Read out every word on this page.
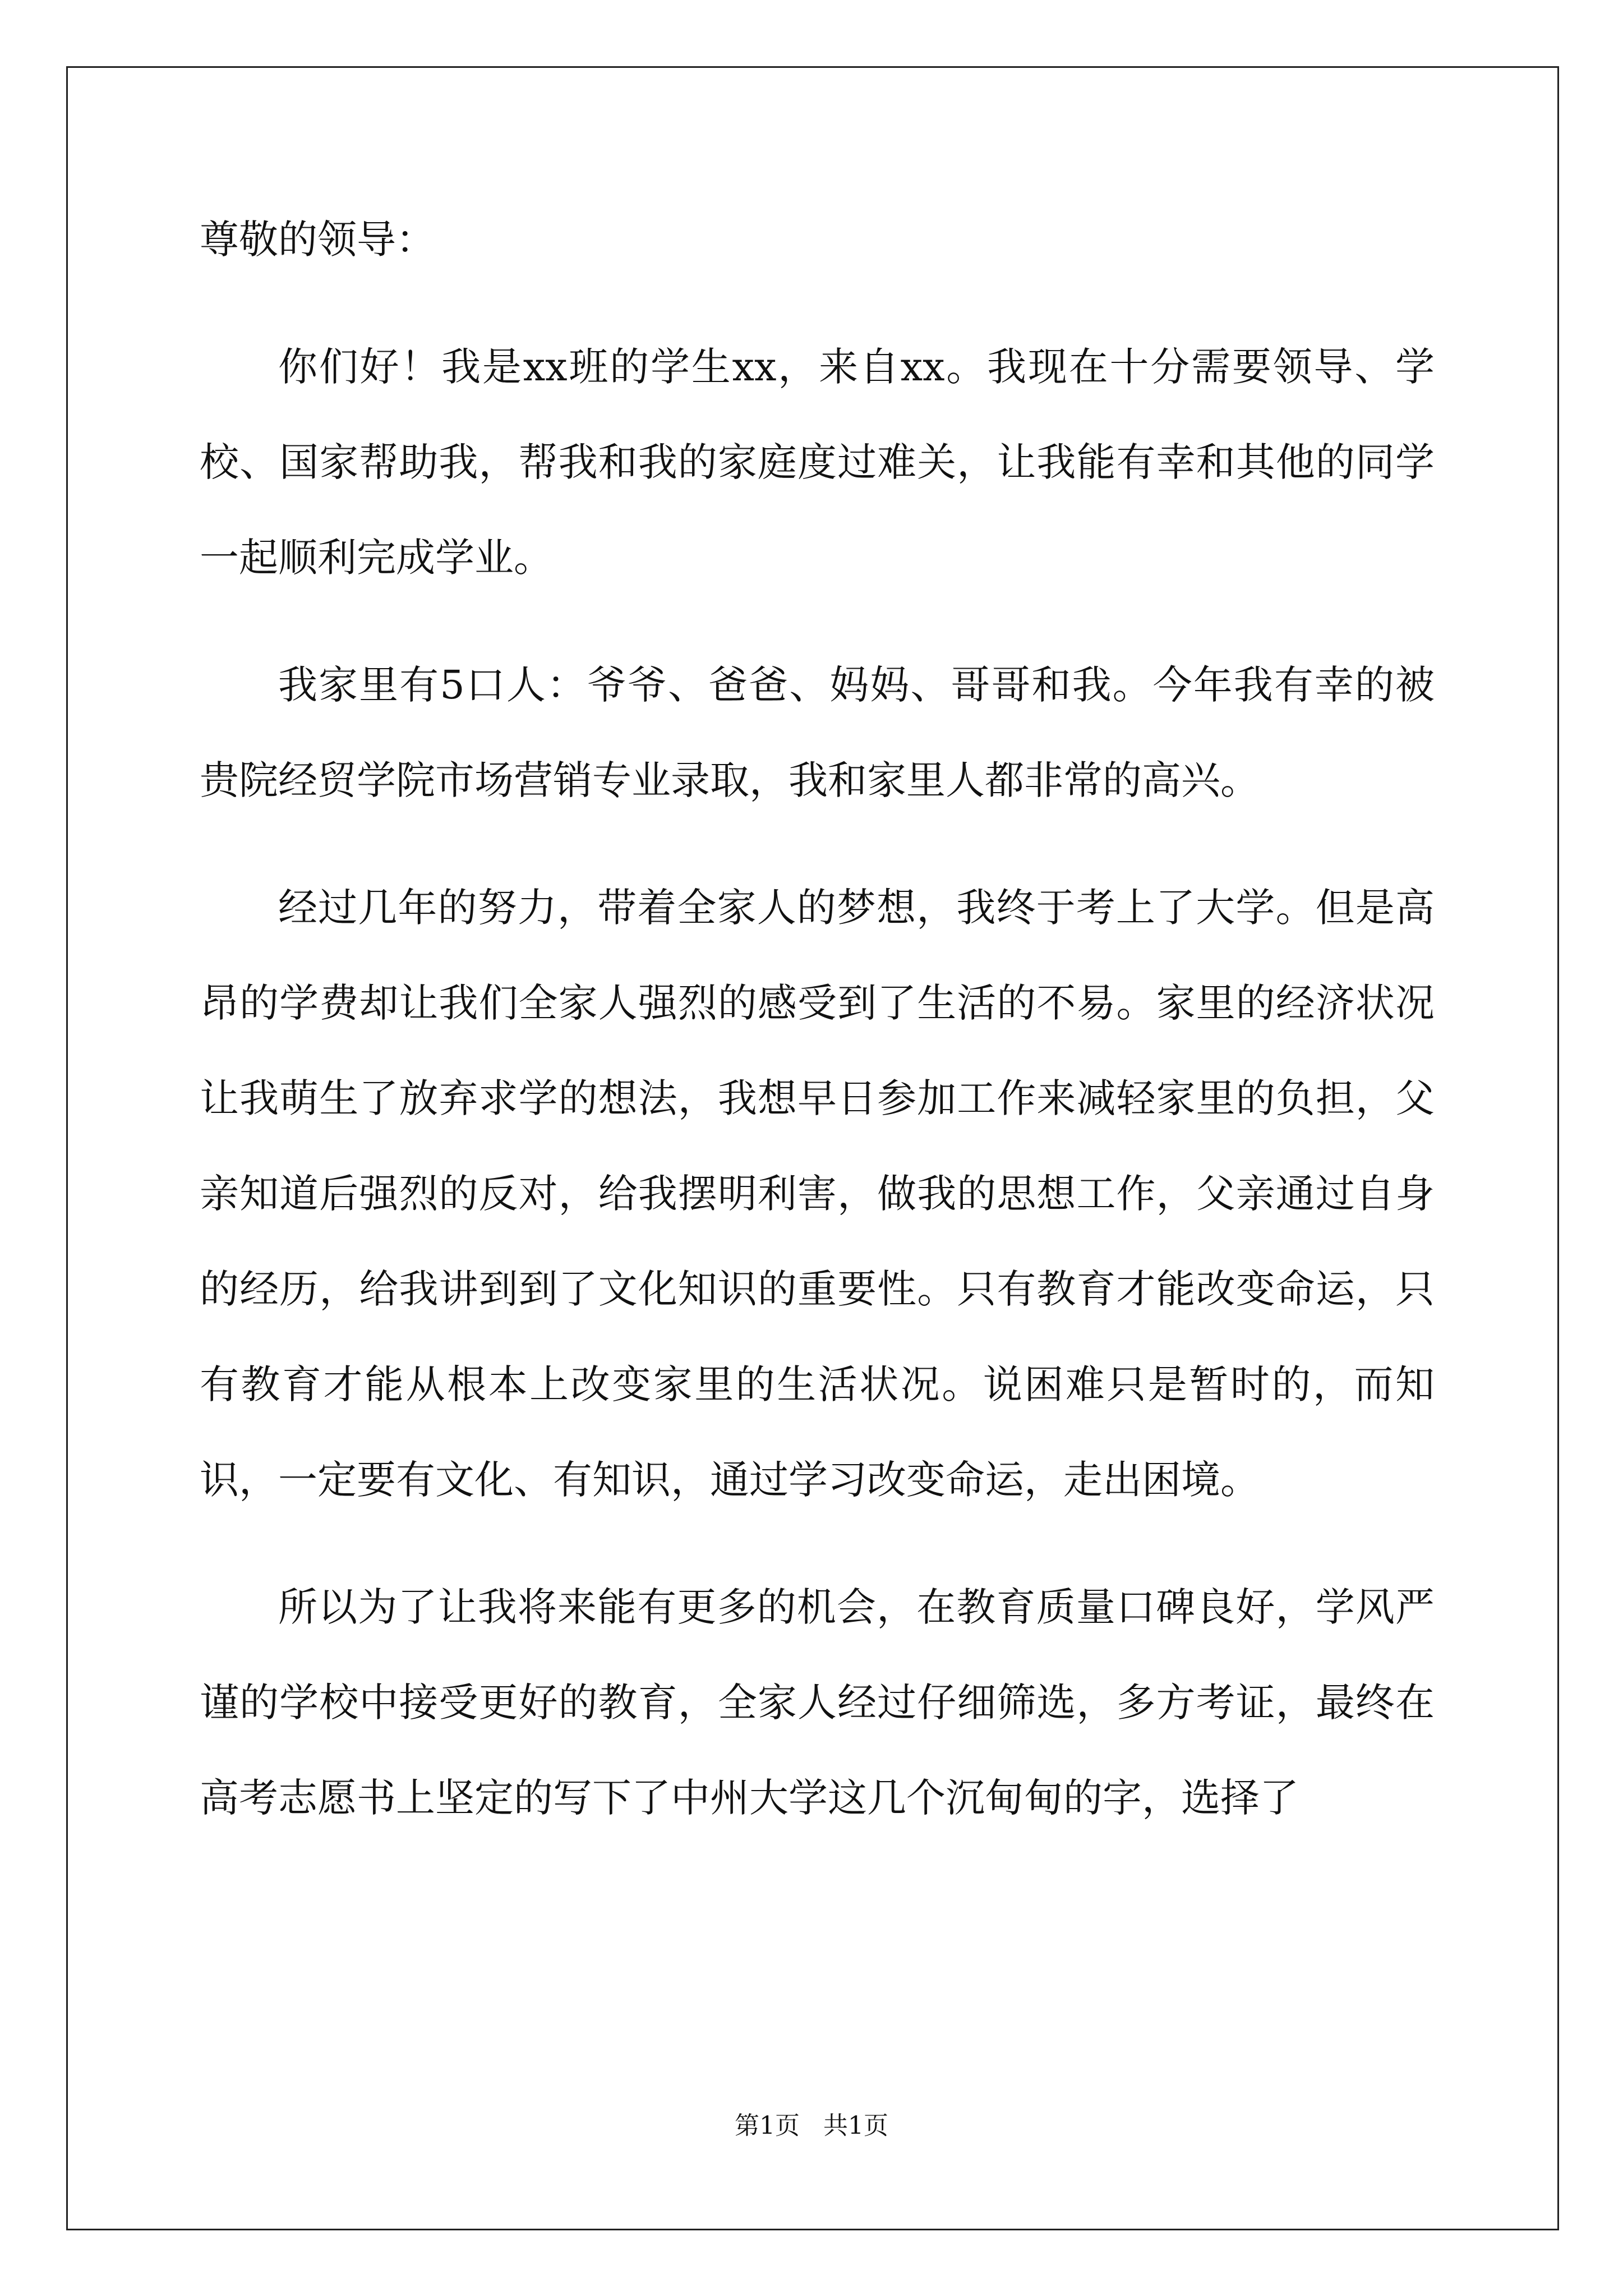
尊敬的领导：

你们好！我是xx班的学生xx，来自xx。我现在十分需要领导、学校、国家帮助我，帮我和我的家庭度过难关，让我能有幸和其他的同学一起顺利完成学业。

我家里有5口人：爷爷、爸爸、妈妈、哥哥和我。今年我有幸的被贵院经贸学院市场营销专业录取，我和家里人都非常的高兴。

经过几年的努力，带着全家人的梦想，我终于考上了大学。但是高昂的学费却让我们全家人强烈的感受到了生活的不易。家里的经济状况让我萌生了放弃求学的想法，我想早日参加工作来减轻家里的负担，父亲知道后强烈的反对，给我摆明利害，做我的思想工作，父亲通过自身的经历，给我讲到到了文化知识的重要性。只有教育才能改变命运，只有教育才能从根本上改变家里的生活状况。说困难只是暂时的，而知识，一定要有文化、有知识，通过学习改变命运，走出困境。

所以为了让我将来能有更多的机会，在教育质量口碑良好，学风严谨的学校中接受更好的教育，全家人经过仔细筛选，多方考证，最终在高考志愿书上坚定的写下了中州大学这几个沉甸甸的字，选择了

第1页 共1页
